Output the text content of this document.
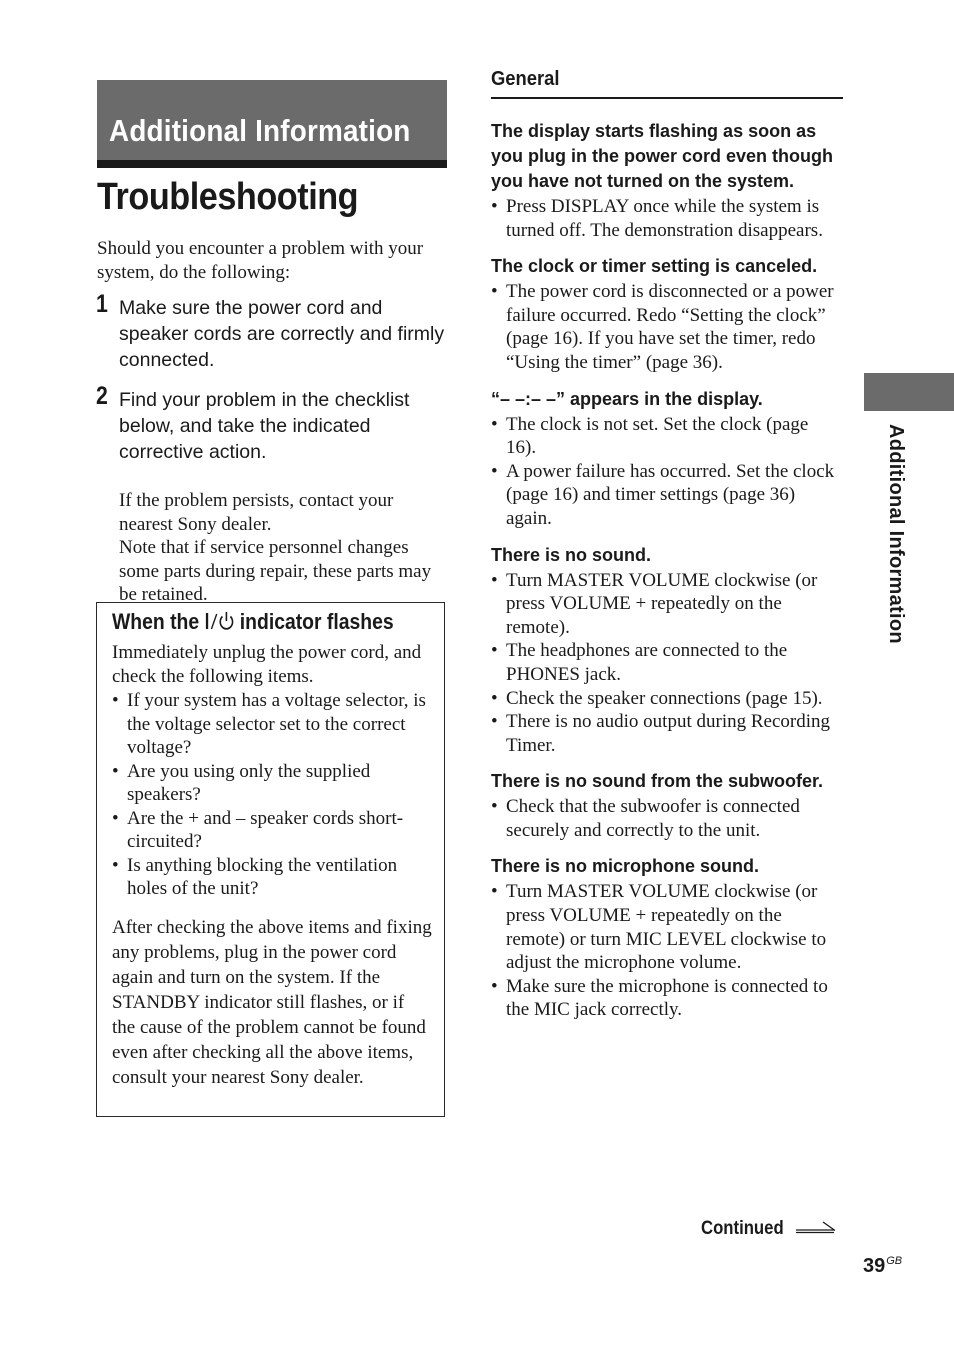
Additional Information
Troubleshooting

Should you encounter a problem with your system, do the following:

1 Make sure the power cord and speaker cords are correctly and firmly connected.
2 Find your problem in the checklist below, and take the indicated corrective action.
If the problem persists, contact your nearest Sony dealer.
Note that if service personnel changes some parts during repair, these parts may be retained.
When the  indicator flashes

Immediately unplug the power cord, and check the following items.

• If your system has a voltage selector, is the voltage selector set to the correct voltage?
• Are you using only the supplied speakers?
• Are the + and – speaker cords short-circuited?
• Is anything blocking the ventilation holes of the unit?

After checking the above items and fixing any problems, plug in the power cord again and turn on the system. If the STANDBY indicator still flashes, or if the cause of the problem cannot be found even after checking all the above items, consult your nearest Sony dealer.

General

The display starts flashing as soon as you plug in the power cord even though you have not turned on the system.

• Press DISPLAY once while the system is turned off. The demonstration disappears.

The clock or timer setting is canceled.

• The power cord is disconnected or a power failure occurred. Redo “Setting the clock” (page 16). If you have set the timer, redo “Using the timer” (page 36).

“– –:– –” appears in the display.

• The clock is not set. Set the clock (page 16).
• A power failure has occurred. Set the clock (page 16) and timer settings (page 36) again.

There is no sound.

• Turn MASTER VOLUME clockwise (or press VOLUME + repeatedly on the remote).
• The headphones are connected to the PHONES jack.
• Check the speaker connections (page 15).
• There is no audio output during Recording Timer.

There is no sound from the subwoofer.

• Check that the subwoofer is connected securely and correctly to the unit.

There is no microphone sound.

• Turn MASTER VOLUME clockwise (or press VOLUME + repeatedly on the remote) or turn MIC LEVEL clockwise to adjust the microphone volume.
• Make sure the microphone is connected to the MIC jack correctly.
Additional Information
Continued
$39^{GB}$
